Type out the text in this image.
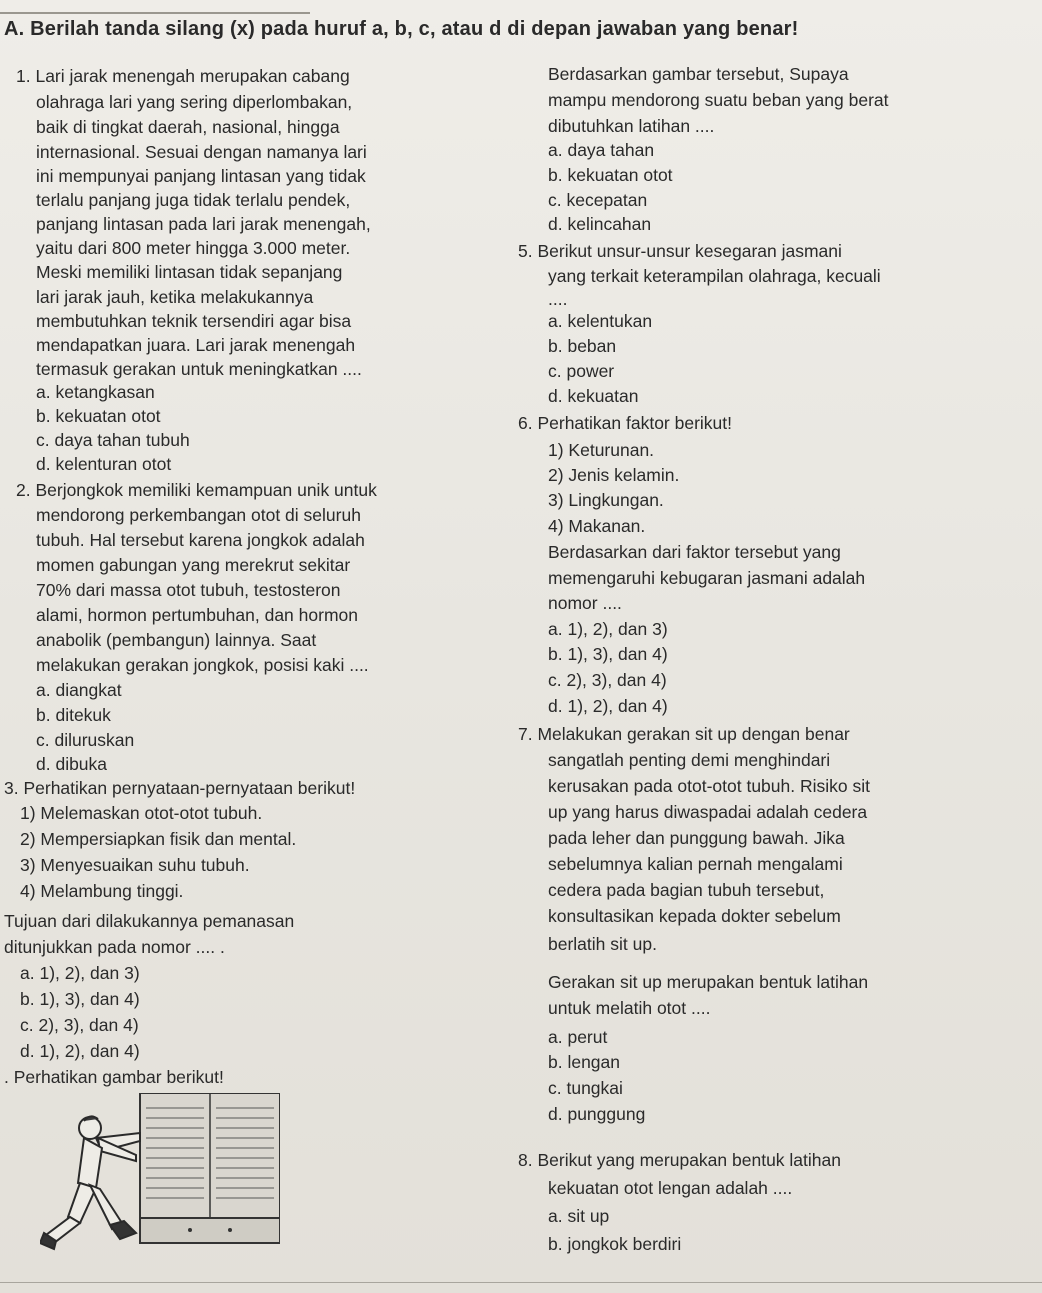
A. Berilah tanda silang (x) pada huruf a, b, c, atau d di depan jawaban yang benar!
1. Lari jarak menengah merupakan cabang
olahraga lari yang sering diperlombakan,
baik di tingkat daerah, nasional, hingga
internasional. Sesuai dengan namanya lari
ini mempunyai panjang lintasan yang tidak
terlalu panjang juga tidak terlalu pendek,
panjang lintasan pada lari jarak menengah,
yaitu dari 800 meter hingga 3.000 meter.
Meski memiliki lintasan tidak sepanjang
lari jarak jauh, ketika melakukannya
membutuhkan teknik tersendiri agar bisa
mendapatkan juara. Lari jarak menengah
termasuk gerakan untuk meningkatkan ....
a. ketangkasan
b. kekuatan otot
c. daya tahan tubuh
d. kelenturan otot
2. Berjongkok memiliki kemampuan unik untuk
mendorong perkembangan otot di seluruh
tubuh. Hal tersebut karena jongkok adalah
momen gabungan yang merekrut sekitar
70% dari massa otot tubuh, testosteron
alami, hormon pertumbuhan, dan hormon
anabolik (pembangun) lainnya. Saat
melakukan gerakan jongkok, posisi kaki ....
a. diangkat
b. ditekuk
c. diluruskan
d. dibuka
3. Perhatikan pernyataan-pernyataan berikut!
1) Melemaskan otot-otot tubuh.
2) Mempersiapkan fisik dan mental.
3) Menyesuaikan suhu tubuh.
4) Melambung tinggi.
Tujuan dari dilakukannya pemanasan
ditunjukkan pada nomor .... .
a. 1), 2), dan 3)
b. 1), 3), dan 4)
c. 2), 3), dan 4)
d. 1), 2), dan 4)
. Perhatikan gambar berikut!
Berdasarkan gambar tersebut, Supaya
mampu mendorong suatu beban yang berat
dibutuhkan latihan ....
a. daya tahan
b. kekuatan otot
c. kecepatan
d. kelincahan
5. Berikut unsur-unsur kesegaran jasmani
yang terkait keterampilan olahraga, kecuali
....
a. kelentukan
b. beban
c. power
d. kekuatan
6. Perhatikan faktor berikut!
1) Keturunan.
2) Jenis kelamin.
3) Lingkungan.
4) Makanan.
Berdasarkan dari faktor tersebut yang
memengaruhi kebugaran jasmani adalah
nomor ....
a. 1), 2), dan 3)
b. 1), 3), dan 4)
c. 2), 3), dan 4)
d. 1), 2), dan 4)
7. Melakukan gerakan sit up dengan benar
sangatlah penting demi menghindari
kerusakan pada otot-otot tubuh. Risiko sit
up yang harus diwaspadai adalah cedera
pada leher dan punggung bawah. Jika
sebelumnya kalian pernah mengalami
cedera pada bagian tubuh tersebut,
konsultasikan kepada dokter sebelum
berlatih sit up.
Gerakan sit up merupakan bentuk latihan
untuk melatih otot ....
a. perut
b. lengan
c. tungkai
d. punggung
8. Berikut yang merupakan bentuk latihan
kekuatan otot lengan adalah ....
a. sit up
b. jongkok berdiri
